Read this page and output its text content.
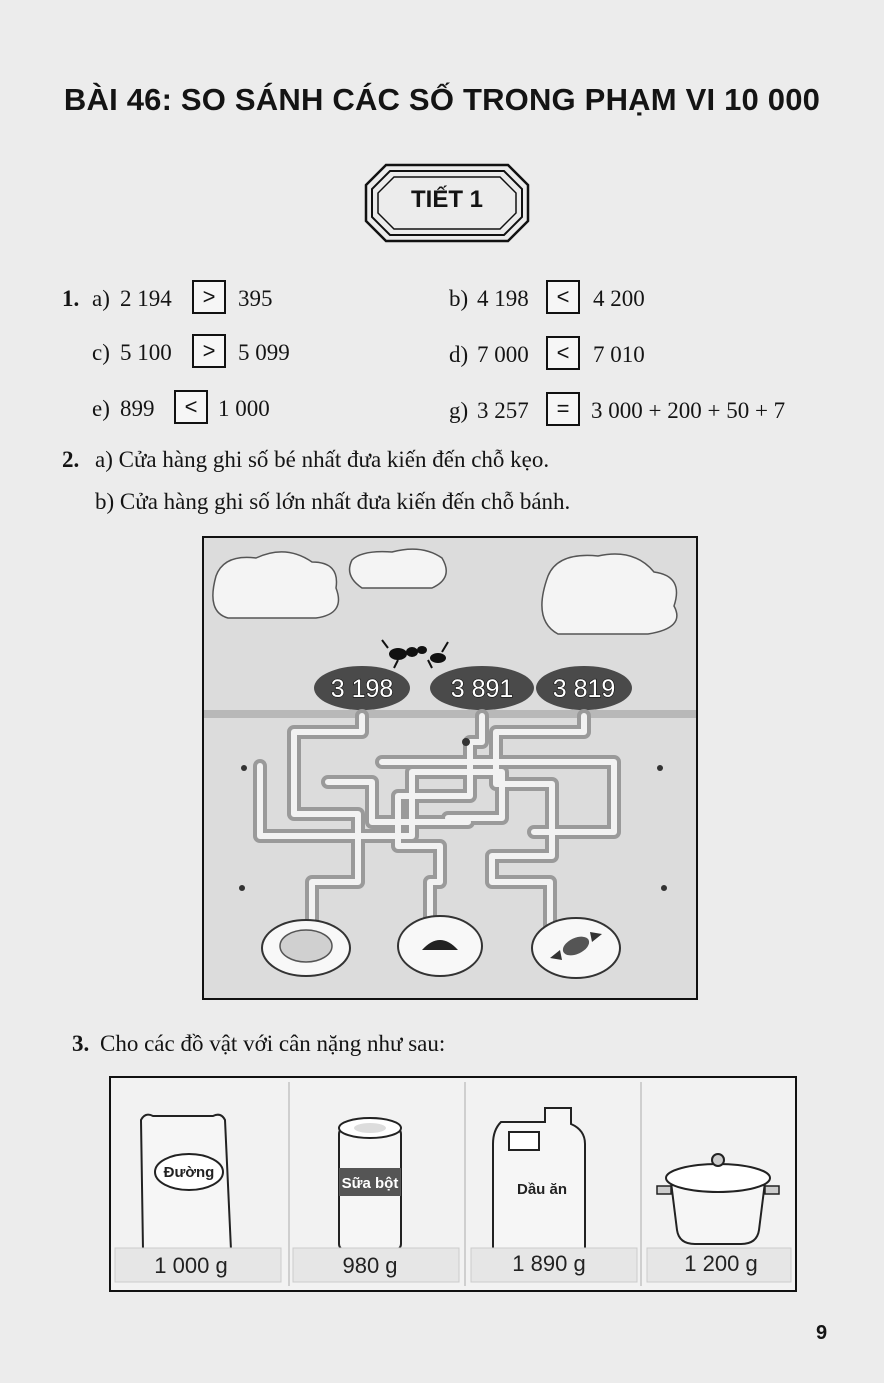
BÀI 46: SO SÁNH CÁC SỐ TRONG PHẠM VI 10 000
TIẾT 1
1. a) 2 194	> 395	b) 4 198	<	4 200
c) 5 100	> 5 099	d) 7 000	<	7 010
e) 899	< 1 000	g) 3 257	= 3 000 + 200 + 50 + 7
2. a) Cửa hàng ghi số bé nhất đưa kiến đến chỗ kẹo.
b) Cửa hàng ghi số lớn nhất đưa kiến đến chỗ bánh.
3 198 3 891 3 819
3. Cho các đồ vật với cân nặng như sau:
Đường
Sữa bột	Dầu ăn
1 000 g	980 g	1 890 g	1 200 g
9
